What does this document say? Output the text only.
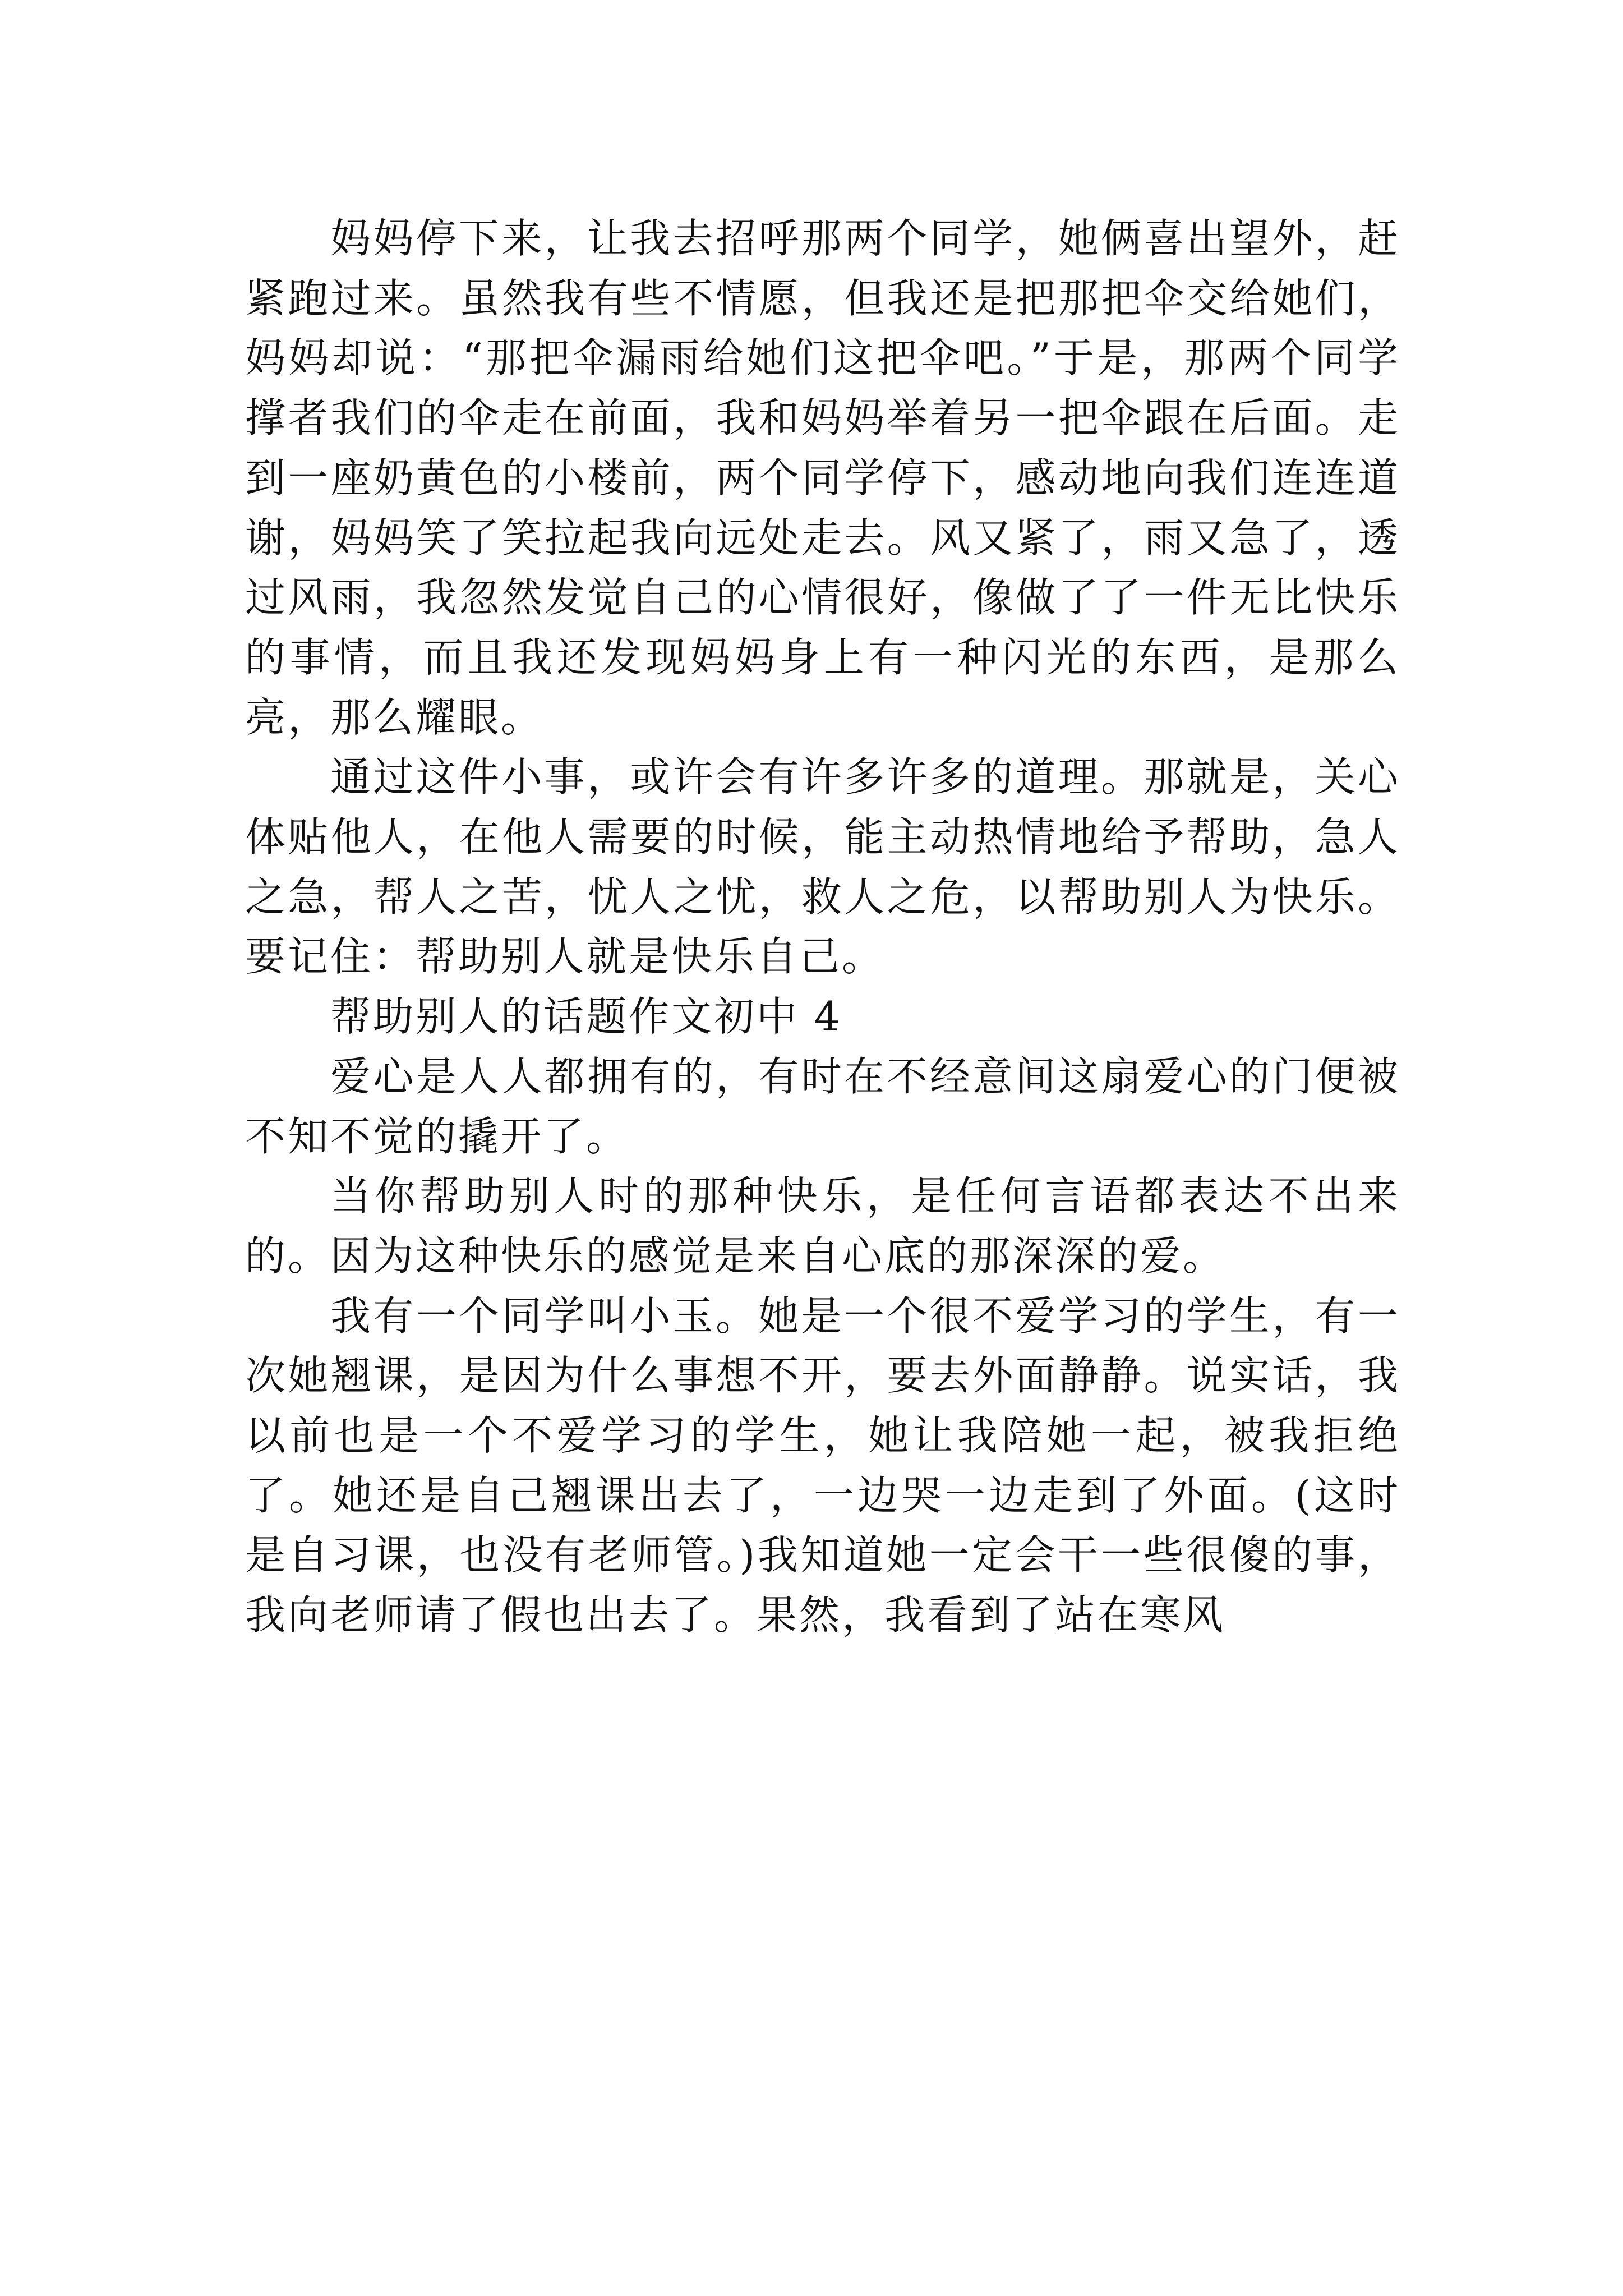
妈妈停下来，让我去招呼那两个同学，她俩喜出望外，赶紧跑过来。虽然我有些不情愿，但我还是把那把伞交给她们，妈妈却说：“那把伞漏雨给她们这把伞吧。”于是，那两个同学撑者我们的伞走在前面，我和妈妈举着另一把伞跟在后面。走到一座奶黄色的小楼前，两个同学停下，感动地向我们连连道谢，妈妈笑了笑拉起我向远处走去。风又紧了，雨又急了，透过风雨，我忽然发觉自己的心情很好，像做了了一件无比快乐的事情，而且我还发现妈妈身上有一种闪光的东西，是那么亮，那么耀眼。

通过这件小事，或许会有许多许多的道理。那就是，关心体贴他人，在他人需要的时候，能主动热情地给予帮助，急人之急，帮人之苦，忧人之忧，救人之危，以帮助别人为快乐。要记住：帮助别人就是快乐自己。

帮助别人的话题作文初中 4

爱心是人人都拥有的，有时在不经意间这扇爱心的门便被不知不觉的撬开了。

当你帮助别人时的那种快乐，是任何言语都表达不出来的。因为这种快乐的感觉是来自心底的那深深的爱。

我有一个同学叫小玉。她是一个很不爱学习的学生，有一次她翘课，是因为什么事想不开，要去外面静静。说实话，我以前也是一个不爱学习的学生，她让我陪她一起，被我拒绝了。她还是自己翘课出去了，一边哭一边走到了外面。(这时是自习课，也没有老师管。)我知道她一定会干一些很傻的事，我向老师请了假也出去了。果然，我看到了站在寒风
